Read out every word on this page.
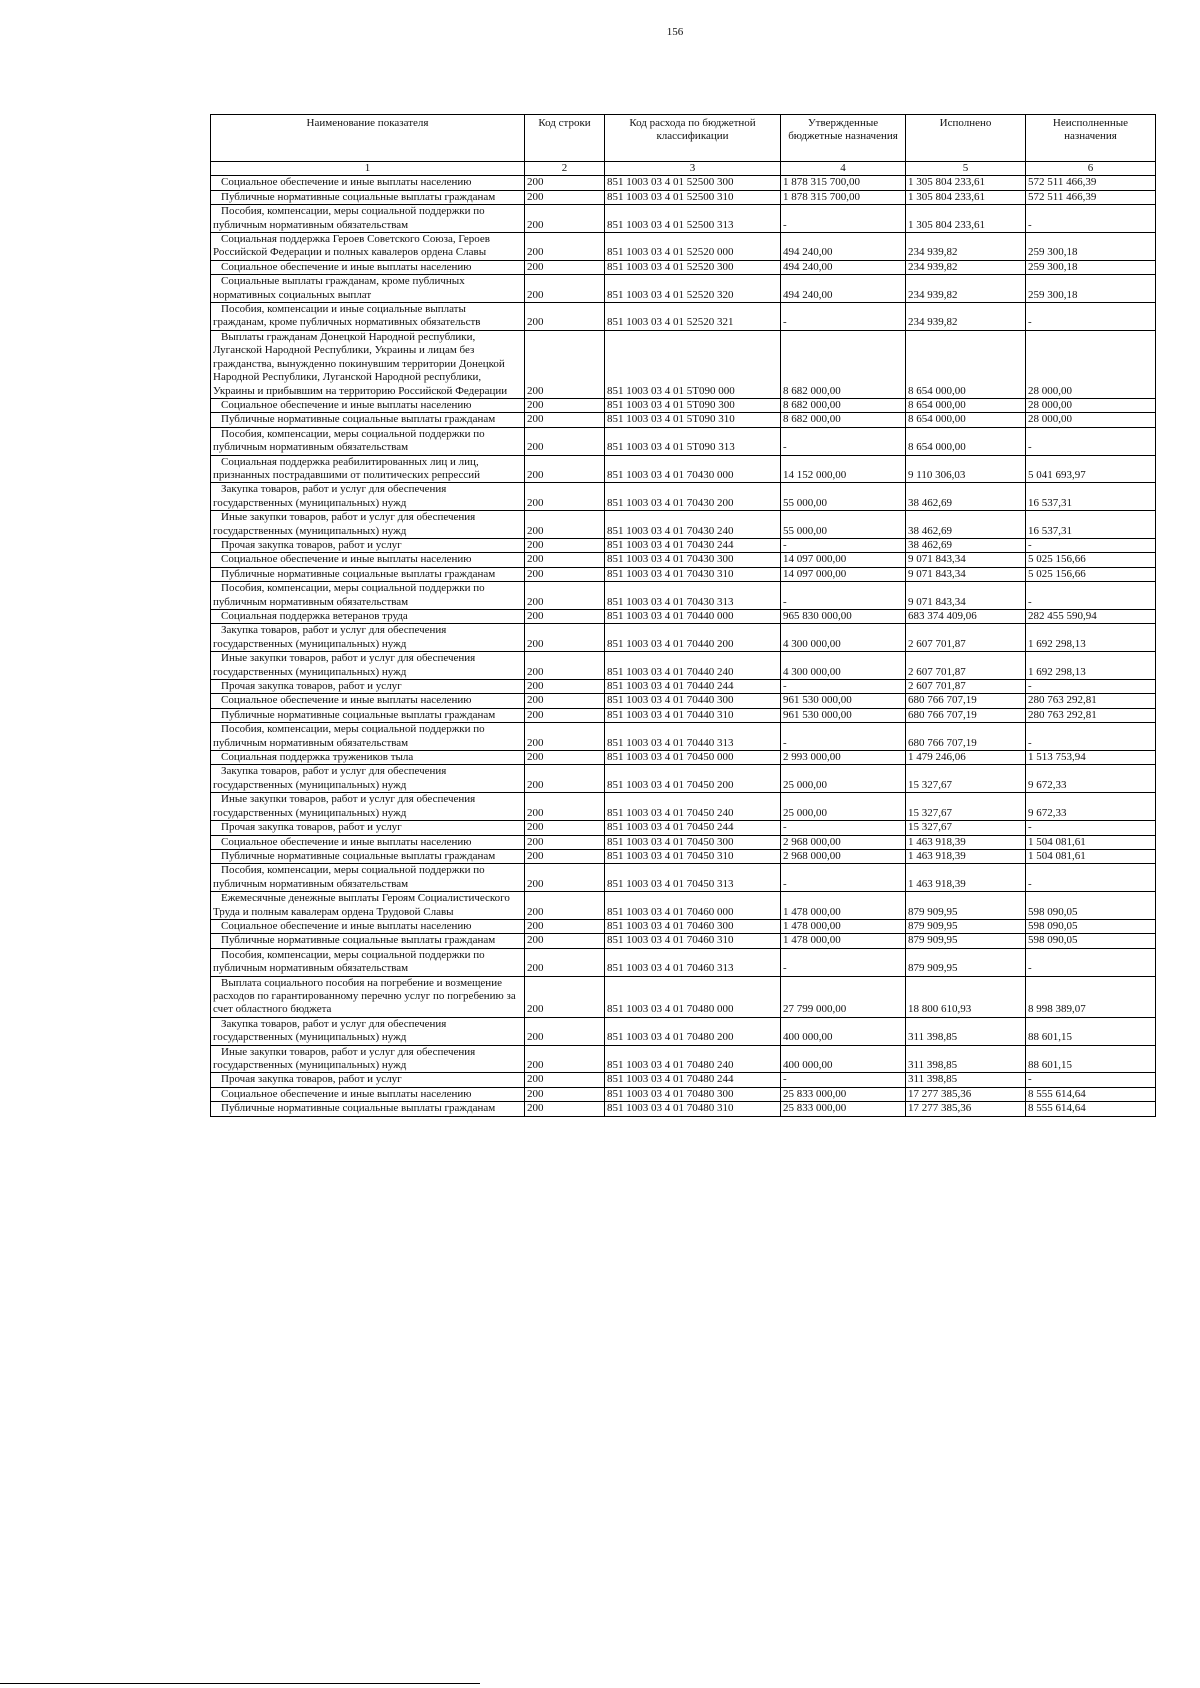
156
Наименование показателя	Код строки	Код расхода по бюджетной классификации	Утвержденные бюджетные назначения	Исполнено	Неисполненные назначения
1	2	3	4	5	6
Социальное обеспечение и иные выплаты населению	200	851 1003 03 4 01 52500 300	1 878 315 700,00	1 305 804 233,61	572 511 466,39
Публичные нормативные социальные выплаты гражданам	200	851 1003 03 4 01 52500 310	1 878 315 700,00	1 305 804 233,61	572 511 466,39
Пособия, компенсации, меры социальной поддержки по публичным нормативным обязательствам	200	851 1003 03 4 01 52500 313	-	1 305 804 233,61	-
Социальная поддержка Героев Советского Союза, Героев Российской Федерации и полных кавалеров ордена Славы	200	851 1003 03 4 01 52520 000	494 240,00	234 939,82	259 300,18
Социальное обеспечение и иные выплаты населению	200	851 1003 03 4 01 52520 300	494 240,00	234 939,82	259 300,18
Социальные выплаты гражданам, кроме публичных нормативных социальных выплат	200	851 1003 03 4 01 52520 320	494 240,00	234 939,82	259 300,18
Пособия, компенсации и иные социальные выплаты гражданам, кроме публичных нормативных обязательств	200	851 1003 03 4 01 52520 321	-	234 939,82	-
Выплаты гражданам Донецкой Народной республики, Луганской Народной Республики, Украины и лицам без гражданства, вынужденно покинувшим территории Донецкой Народной Республики, Луганской Народной республики, Украины и прибывшим на территорию Российской Федерации	200	851 1003 03 4 01 5Т090 000	8 682 000,00	8 654 000,00	28 000,00
Социальное обеспечение и иные выплаты населению	200	851 1003 03 4 01 5Т090 300	8 682 000,00	8 654 000,00	28 000,00
Публичные нормативные социальные выплаты гражданам	200	851 1003 03 4 01 5Т090 310	8 682 000,00	8 654 000,00	28 000,00
Пособия, компенсации, меры социальной поддержки по публичным нормативным обязательствам	200	851 1003 03 4 01 5Т090 313	-	8 654 000,00	-
Социальная поддержка реабилитированных лиц и лиц, признанных пострадавшими от политических репрессий	200	851 1003 03 4 01 70430 000	14 152 000,00	9 110 306,03	5 041 693,97
Закупка товаров, работ и услуг для обеспечения государственных (муниципальных) нужд	200	851 1003 03 4 01 70430 200	55 000,00	38 462,69	16 537,31
Иные закупки товаров, работ и услуг для обеспечения государственных (муниципальных) нужд	200	851 1003 03 4 01 70430 240	55 000,00	38 462,69	16 537,31
Прочая закупка товаров, работ и услуг	200	851 1003 03 4 01 70430 244	-	38 462,69	-
Социальное обеспечение и иные выплаты населению	200	851 1003 03 4 01 70430 300	14 097 000,00	9 071 843,34	5 025 156,66
Публичные нормативные социальные выплаты гражданам	200	851 1003 03 4 01 70430 310	14 097 000,00	9 071 843,34	5 025 156,66
Пособия, компенсации, меры социальной поддержки по публичным нормативным обязательствам	200	851 1003 03 4 01 70430 313	-	9 071 843,34	-
Социальная поддержка ветеранов труда	200	851 1003 03 4 01 70440 000	965 830 000,00	683 374 409,06	282 455 590,94
Закупка товаров, работ и услуг для обеспечения государственных (муниципальных) нужд	200	851 1003 03 4 01 70440 200	4 300 000,00	2 607 701,87	1 692 298,13
Иные закупки товаров, работ и услуг для обеспечения государственных (муниципальных) нужд	200	851 1003 03 4 01 70440 240	4 300 000,00	2 607 701,87	1 692 298,13
Прочая закупка товаров, работ и услуг	200	851 1003 03 4 01 70440 244	-	2 607 701,87	-
Социальное обеспечение и иные выплаты населению	200	851 1003 03 4 01 70440 300	961 530 000,00	680 766 707,19	280 763 292,81
Публичные нормативные социальные выплаты гражданам	200	851 1003 03 4 01 70440 310	961 530 000,00	680 766 707,19	280 763 292,81
Пособия, компенсации, меры социальной поддержки по публичным нормативным обязательствам	200	851 1003 03 4 01 70440 313	-	680 766 707,19	-
Социальная поддержка тружеников тыла	200	851 1003 03 4 01 70450 000	2 993 000,00	1 479 246,06	1 513 753,94
Закупка товаров, работ и услуг для обеспечения государственных (муниципальных) нужд	200	851 1003 03 4 01 70450 200	25 000,00	15 327,67	9 672,33
Иные закупки товаров, работ и услуг для обеспечения государственных (муниципальных) нужд	200	851 1003 03 4 01 70450 240	25 000,00	15 327,67	9 672,33
Прочая закупка товаров, работ и услуг	200	851 1003 03 4 01 70450 244	-	15 327,67	-
Социальное обеспечение и иные выплаты населению	200	851 1003 03 4 01 70450 300	2 968 000,00	1 463 918,39	1 504 081,61
Публичные нормативные социальные выплаты гражданам	200	851 1003 03 4 01 70450 310	2 968 000,00	1 463 918,39	1 504 081,61
Пособия, компенсации, меры социальной поддержки по публичным нормативным обязательствам	200	851 1003 03 4 01 70450 313	-	1 463 918,39	-
Ежемесячные денежные выплаты Героям Социалистического Труда и полным кавалерам ордена Трудовой Славы	200	851 1003 03 4 01 70460 000	1 478 000,00	879 909,95	598 090,05
Социальное обеспечение и иные выплаты населению	200	851 1003 03 4 01 70460 300	1 478 000,00	879 909,95	598 090,05
Публичные нормативные социальные выплаты гражданам	200	851 1003 03 4 01 70460 310	1 478 000,00	879 909,95	598 090,05
Пособия, компенсации, меры социальной поддержки по публичным нормативным обязательствам	200	851 1003 03 4 01 70460 313	-	879 909,95	-
Выплата социального пособия на погребение и возмещение расходов по гарантированному перечню услуг по погребению за счет областного бюджета	200	851 1003 03 4 01 70480 000	27 799 000,00	18 800 610,93	8 998 389,07
Закупка товаров, работ и услуг для обеспечения государственных (муниципальных) нужд	200	851 1003 03 4 01 70480 200	400 000,00	311 398,85	88 601,15
Иные закупки товаров, работ и услуг для обеспечения государственных (муниципальных) нужд	200	851 1003 03 4 01 70480 240	400 000,00	311 398,85	88 601,15
Прочая закупка товаров, работ и услуг	200	851 1003 03 4 01 70480 244	-	311 398,85	-
Социальное обеспечение и иные выплаты населению	200	851 1003 03 4 01 70480 300	25 833 000,00	17 277 385,36	8 555 614,64
Публичные нормативные социальные выплаты гражданам	200	851 1003 03 4 01 70480 310	25 833 000,00	17 277 385,36	8 555 614,64
